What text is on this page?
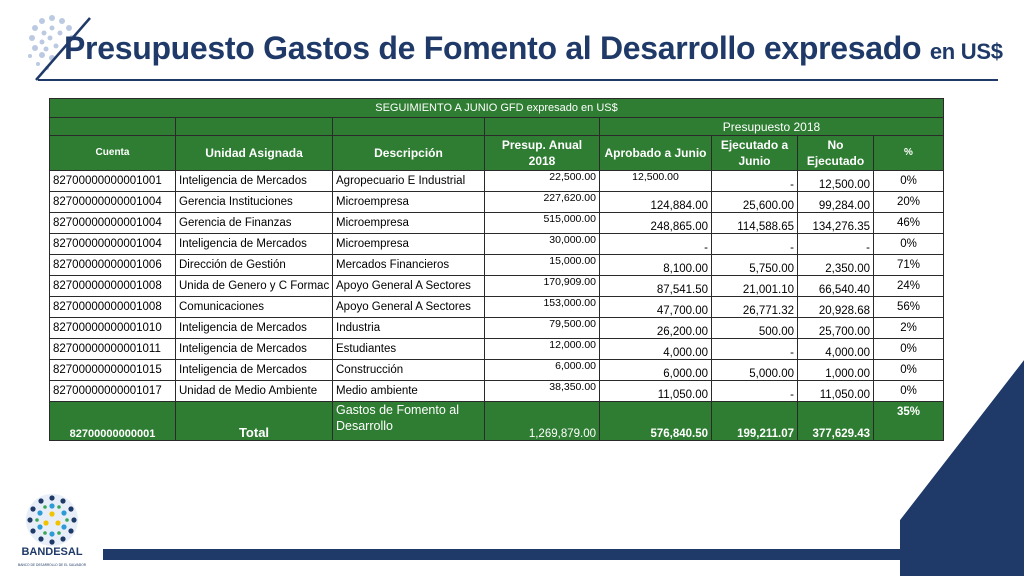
Presupuesto Gastos de Fomento al Desarrollo expresado en US$
SEGUIMIENTO A JUNIO GFD expresado en US$							
				Presupuesto 2018			
Cuenta	Unidad Asignada	Descripción	Presup. Anual 2018	Aprobado a Junio	Ejecutado a Junio	No Ejecutado	%
82700000000001001	Inteligencia de Mercados	Agropecuario E Industrial	22,500.00	12,500.00	-	12,500.00	0%
82700000000001004	Gerencia Instituciones	Microempresa	227,620.00	124,884.00	25,600.00	99,284.00	20%
82700000000001004	Gerencia de Finanzas	Microempresa	515,000.00	248,865.00	114,588.65	134,276.35	46%
82700000000001004	Inteligencia de Mercados	Microempresa	30,000.00	-	-	-	0%
82700000000001006	Dirección de Gestión	Mercados Financieros	15,000.00	8,100.00	5,750.00	2,350.00	71%
82700000000001008	Unida de Genero y C Formac	Apoyo General A Sectores	170,909.00	87,541.50	21,001.10	66,540.40	24%
82700000000001008	Comunicaciones	Apoyo General A Sectores	153,000.00	47,700.00	26,771.32	20,928.68	56%
82700000000001010	Inteligencia de Mercados	Industria	79,500.00	26,200.00	500.00	25,700.00	2%
82700000000001011	Inteligencia de Mercados	Estudiantes	12,000.00	4,000.00	-	4,000.00	0%
82700000000001015	Inteligencia de Mercados	Construcción	6,000.00	6,000.00	5,000.00	1,000.00	0%
82700000000001017	Unidad de Medio Ambiente	Medio ambiente	38,350.00	11,050.00	-	11,050.00	0%
82700000000001	Total	Gastos de Fomento al Desarrollo	1,269,879.00	576,840.50	199,211.07	377,629.43	35%
BANCO DE DESARROLLO DE EL SALVADOR
BANDESAL
